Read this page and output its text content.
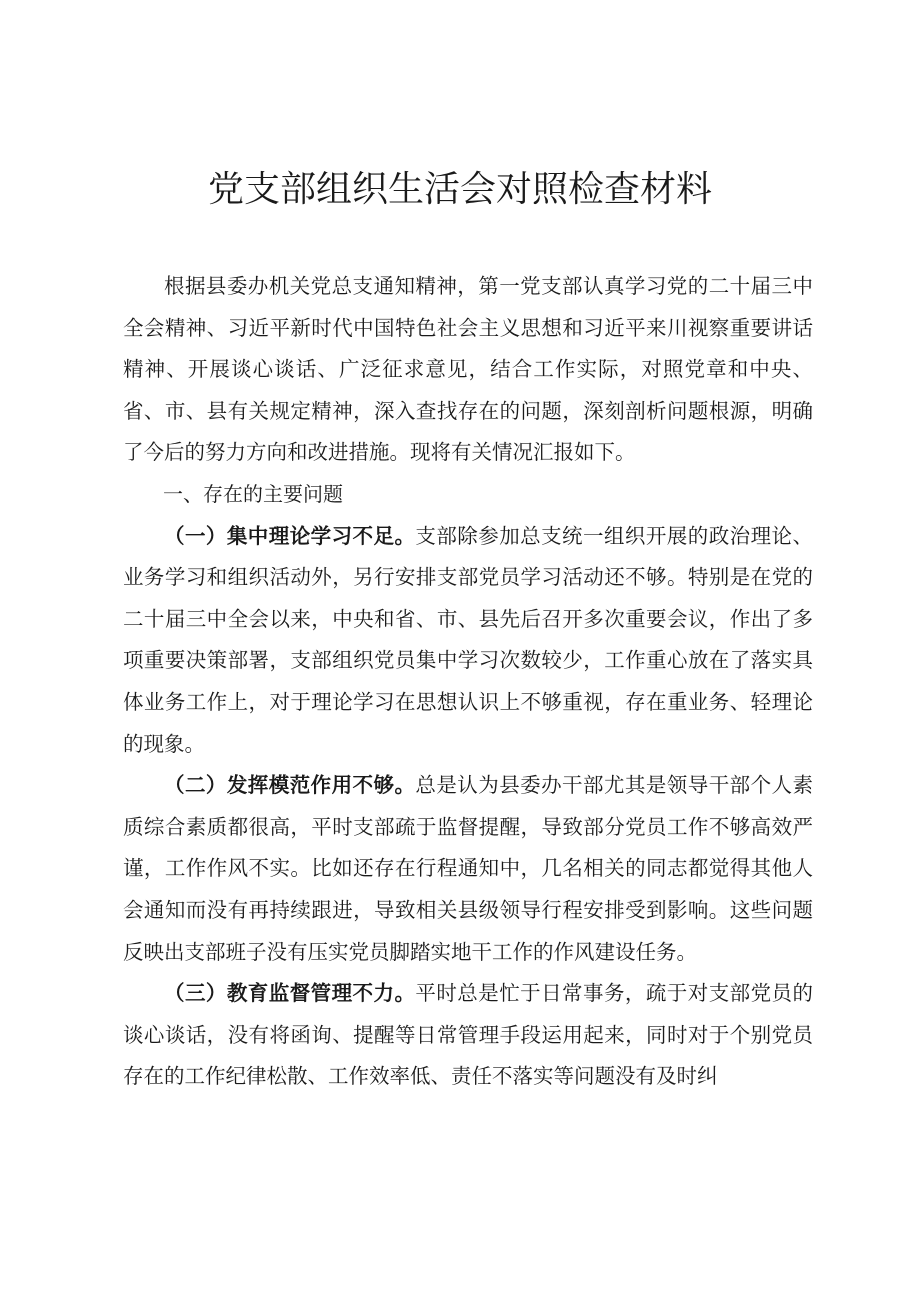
党支部组织生活会对照检查材料

根据县委办机关党总支通知精神，第一党支部认真学习党的二十届三中全会精神、习近平新时代中国特色社会主义思想和习近平来川视察重要讲话精神、开展谈心谈话、广泛征求意见，结合工作实际，对照党章和中央、省、市、县有关规定精神，深入查找存在的问题，深刻剖析问题根源，明确了今后的努力方向和改进措施。现将有关情况汇报如下。

一、存在的主要问题

（一）集中理论学习不足。支部除参加总支统一组织开展的政治理论、业务学习和组织活动外，另行安排支部党员学习活动还不够。特别是在党的二十届三中全会以来，中央和省、市、县先后召开多次重要会议，作出了多项重要决策部署，支部组织党员集中学习次数较少，工作重心放在了落实具体业务工作上，对于理论学习在思想认识上不够重视，存在重业务、轻理论的现象。

（二）发挥模范作用不够。总是认为县委办干部尤其是领导干部个人素质综合素质都很高，平时支部疏于监督提醒，导致部分党员工作不够高效严谨，工作作风不实。比如还存在行程通知中，几名相关的同志都觉得其他人会通知而没有再持续跟进，导致相关县级领导行程安排受到影响。这些问题反映出支部班子没有压实党员脚踏实地干工作的作风建设任务。

（三）教育监督管理不力。平时总是忙于日常事务，疏于对支部党员的谈心谈话，没有将函询、提醒等日常管理手段运用起来，同时对于个别党员存在的工作纪律松散、工作效率低、责任不落实等问题没有及时纠
